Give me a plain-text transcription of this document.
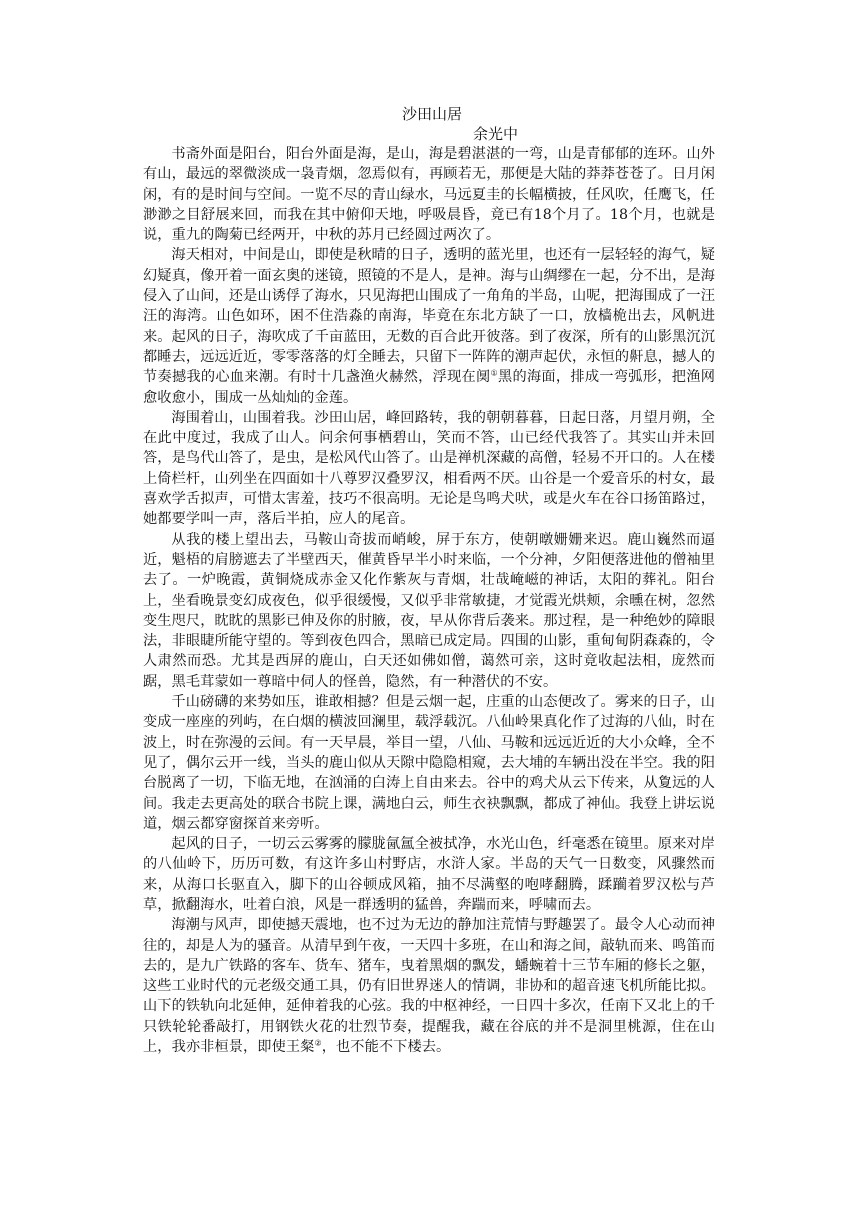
沙田山居
余光中

书斋外面是阳台，阳台外面是海，是山，海是碧湛湛的一弯，山是青郁郁的连环。山外有山，最远的翠微淡成一袅青烟，忽焉似有，再顾若无，那便是大陆的莽莽苍苍了。日月闲闲，有的是时间与空间。一览不尽的青山绿水，马远夏圭的长幅横披，任风吹，任鹰飞，任渺渺之目舒展来回，而我在其中俯仰天地，呼吸晨昏，竟已有18个月了。18个月，也就是说，重九的陶菊已经两开，中秋的苏月已经圆过两次了。

海天相对，中间是山，即使是秋晴的日子，透明的蓝光里，也还有一层轻轻的海气，疑幻疑真，像开着一面玄奥的迷镜，照镜的不是人，是神。海与山绸缪在一起，分不出，是海侵入了山间，还是山诱俘了海水，只见海把山围成了一角角的半岛，山呢，把海围成了一汪汪的海湾。山色如环，困不住浩淼的南海，毕竟在东北方缺了一口，放樯桅出去，风帆进来。起风的日子，海吹成了千亩蓝田，无数的百合此开彼落。到了夜深，所有的山影黑沉沉都睡去，远远近近，零零落落的灯全睡去，只留下一阵阵的潮声起伏，永恒的鼾息，撼人的节奏撼我的心血来潮。有时十几盏渔火赫然，浮现在阒①黑的海面，排成一弯弧形，把渔网愈收愈小，围成一丛灿灿的金莲。

海围着山，山围着我。沙田山居，峰回路转，我的朝朝暮暮，日起日落，月望月朔，全在此中度过，我成了山人。问余何事栖碧山，笑而不答，山已经代我答了。其实山并未回答，是鸟代山答了，是虫，是松风代山答了。山是禅机深藏的高僧，轻易不开口的。人在楼上倚栏杆，山列坐在四面如十八尊罗汉叠罗汉，相看两不厌。山谷是一个爱音乐的村女，最喜欢学舌拟声，可惜太害羞，技巧不很高明。无论是鸟鸣犬吠，或是火车在谷口扬笛路过，她都要学叫一声，落后半拍，应人的尾音。

从我的楼上望出去，马鞍山奇拔而峭峻，屏于东方，使朝暾姗姗来迟。鹿山巍然而逼近，魁梧的肩膀遮去了半壁西天，催黄昏早半小时来临，一个分神，夕阳便落进他的僧袖里去了。一炉晚霞，黄铜烧成赤金又化作紫灰与青烟，壮哉崦嵫的神话，太阳的葬礼。阳台上，坐看晚景变幻成夜色，似乎很缓慢，又似乎非常敏捷，才觉霞光烘颊，余曛在树，忽然变生咫尺，眈眈的黑影已伸及你的肘腋，夜，早从你背后袭来。那过程，是一种绝妙的障眼法，非眼睫所能守望的。等到夜色四合，黑暗已成定局。四围的山影，重甸甸阴森森的，令人肃然而恐。尤其是西屏的鹿山，白天还如佛如僧，蔼然可亲，这时竟收起法相，庞然而踞，黑毛茸蒙如一尊暗中伺人的怪兽，隐然，有一种潜伏的不安。

千山磅礴的来势如压，谁敢相撼？但是云烟一起，庄重的山态便改了。雾来的日子，山变成一座座的列屿，在白烟的横波回澜里，载浮载沉。八仙岭果真化作了过海的八仙，时在波上，时在弥漫的云间。有一天早晨，举目一望，八仙、马鞍和远远近近的大小众峰，全不见了，偶尔云开一线，当头的鹿山似从天隙中隐隐相窥，去大埔的车辆出没在半空。我的阳台脱离了一切，下临无地，在汹涌的白涛上自由来去。谷中的鸡犬从云下传来，从夐远的人间。我走去更高处的联合书院上课，满地白云，师生衣袂飘飘，都成了神仙。我登上讲坛说道，烟云都穿窗探首来旁听。

起风的日子，一切云云雾雾的朦胧氤氲全被拭净，水光山色，纤毫悉在镜里。原来对岸的八仙岭下，历历可数，有这许多山村野店，水浒人家。半岛的天气一日数变，风骤然而来，从海口长驱直入，脚下的山谷顿成风箱，抽不尽满壑的咆哮翻腾，蹂躏着罗汉松与芦草，掀翻海水，吐着白浪，风是一群透明的猛兽，奔踹而来，呼啸而去。

海潮与风声，即使撼天震地，也不过为无边的静加注荒情与野趣罢了。最令人心动而神往的，却是人为的骚音。从清早到午夜，一天四十多班，在山和海之间，敲轨而来、鸣笛而去的，是九广铁路的客车、货车、猪车，曳着黑烟的飘发，蟠蜿着十三节车厢的修长之躯，这些工业时代的元老级交通工具，仍有旧世界迷人的情调，非协和的超音速飞机所能比拟。山下的铁轨向北延伸，延伸着我的心弦。我的中枢神经，一日四十多次，任南下又北上的千只铁轮轮番敲打，用钢铁火花的壮烈节奏，提醒我，藏在谷底的并不是洞里桃源，住在山上，我亦非桓景，即使王粲②，也不能不下楼去。
